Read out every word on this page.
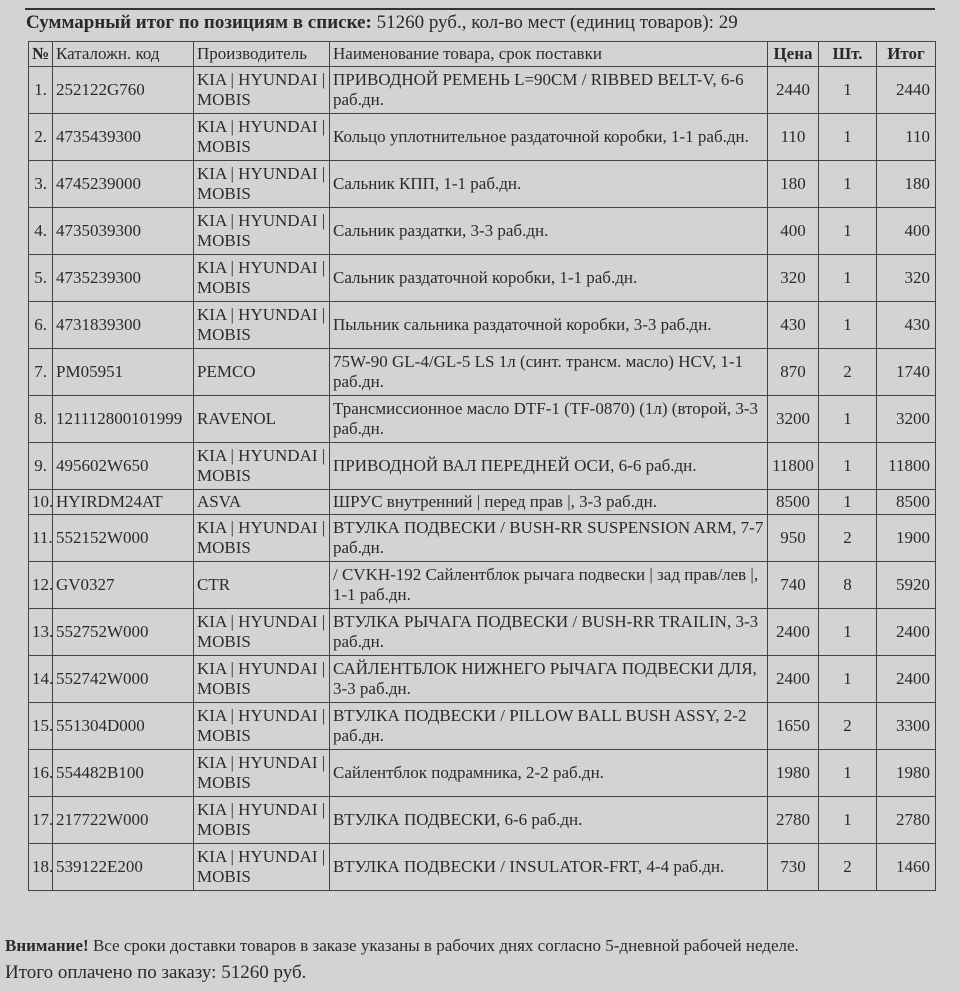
Суммарный итог по позициям в списке: 51260 руб., кол-во мест (единиц товаров): 29
№	Каталожн. код	Производитель	Наименование товара, срок поставки	Цена	Шт.	Итог
1.	252122G760	KIA | HYUNDAI | MOBIS	ПРИВОДНОЙ РЕМЕНЬ L=90CM / RIBBED BELT-V, 6-6 раб.дн.	2440	1	2440
2.	4735439300	KIA | HYUNDAI | MOBIS	Кольцо уплотнительное раздаточной коробки, 1-1 раб.дн.	110	1	110
3.	4745239000	KIA | HYUNDAI | MOBIS	Сальник КПП, 1-1 раб.дн.	180	1	180
4.	4735039300	KIA | HYUNDAI | MOBIS	Сальник раздатки, 3-3 раб.дн.	400	1	400
5.	4735239300	KIA | HYUNDAI | MOBIS	Сальник раздаточной коробки, 1-1 раб.дн.	320	1	320
6.	4731839300	KIA | HYUNDAI | MOBIS	Пыльник сальника раздаточной коробки, 3-3 раб.дн.	430	1	430
7.	PM05951	PEMCO	75W-90 GL-4/GL-5 LS 1л (синт. трансм. масло) HCV, 1-1 раб.дн.	870	2	1740
8.	121112800101999	RAVENOL	Трансмиссионное масло DTF-1 (TF-0870) (1л) (второй, 3-3 раб.дн.	3200	1	3200
9.	495602W650	KIA | HYUNDAI | MOBIS	ПРИВОДНОЙ ВАЛ ПЕРЕДНЕЙ ОСИ, 6-6 раб.дн.	11800	1	11800
10.	HYIRDM24AT	ASVA	ШРУС внутренний | перед прав |, 3-3 раб.дн.	8500	1	8500
11.	552152W000	KIA | HYUNDAI | MOBIS	ВТУЛКА ПОДВЕСКИ / BUSH-RR SUSPENSION ARM, 7-7 раб.дн.	950	2	1900
12.	GV0327	CTR	/ CVKH-192 Сайлентблок рычага подвески | зад прав/лев |, 1-1 раб.дн.	740	8	5920
13.	552752W000	KIA | HYUNDAI | MOBIS	ВТУЛКА РЫЧАГА ПОДВЕСКИ / BUSH-RR TRAILIN, 3-3 раб.дн.	2400	1	2400
14.	552742W000	KIA | HYUNDAI | MOBIS	САЙЛЕНТБЛОК НИЖНЕГО РЫЧАГА ПОДВЕСКИ ДЛЯ, 3-3 раб.дн.	2400	1	2400
15.	551304D000	KIA | HYUNDAI | MOBIS	ВТУЛКА ПОДВЕСКИ / PILLOW BALL BUSH ASSY, 2-2 раб.дн.	1650	2	3300
16.	554482B100	KIA | HYUNDAI | MOBIS	Сайлентблок подрамника, 2-2 раб.дн.	1980	1	1980
17.	217722W000	KIA | HYUNDAI | MOBIS	ВТУЛКА ПОДВЕСКИ, 6-6 раб.дн.	2780	1	2780
18.	539122E200	KIA | HYUNDAI | MOBIS	ВТУЛКА ПОДВЕСКИ / INSULATOR-FRT, 4-4 раб.дн.	730	2	1460
Внимание! Все сроки доставки товаров в заказе указаны в рабочих днях согласно 5-дневной рабочей неделе.
Итого оплачено по заказу: 51260 руб.
